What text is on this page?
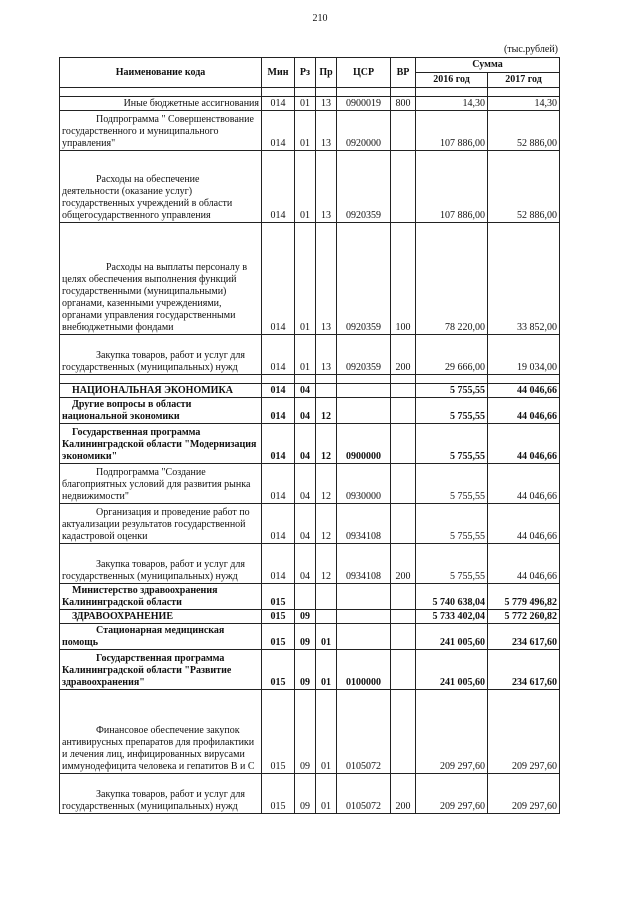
210
(тыс.рублей)
Наименование кода	Мин	Рз	Пр	ЦСР	ВР	Сумма	
						2016 год	2017 год

Иные бюджетные ассигнования	014	01	13	0900019	800	14,30	14,30
Подпрограмма " Совершенствование государственного и муниципального управления"	014	01	13	0920000		107 886,00	52 886,00
Расходы на обеспечение деятельности (оказание услуг) государственных учреждений в области общегосударственного управления	014	01	13	0920359		107 886,00	52 886,00
Расходы на выплаты персоналу в целях обеспечения выполнения функций государственными (муниципальными) органами, казенными учреждениями, органами управления государственными внебюджетными фондами	014	01	13	0920359	100	78 220,00	33 852,00
Закупка товаров, работ и услуг для государственных (муниципальных) нужд	014	01	13	0920359	200	29 666,00	19 034,00

НАЦИОНАЛЬНАЯ ЭКОНОМИКА	014	04				5 755,55	44 046,66
Другие вопросы в области национальной экономики	014	04	12			5 755,55	44 046,66
Государственная программа Калининградской области "Модернизация экономики"	014	04	12	0900000		5 755,55	44 046,66
Подпрограмма "Создание благоприятных условий для развития рынка недвижимости"	014	04	12	0930000		5 755,55	44 046,66
Организация и проведение работ по актуализации результатов государственной кадастровой оценки	014	04	12	0934108		5 755,55	44 046,66
Закупка товаров, работ и услуг для государственных (муниципальных) нужд	014	04	12	0934108	200	5 755,55	44 046,66
Министерство здравоохранения Калининградской области	015					5 740 638,04	5 779 496,82
ЗДРАВООХРАНЕНИЕ	015	09				5 733 402,04	5 772 260,82
Стационарная медицинская помощь	015	09	01			241 005,60	234 617,60
Государственная программа Калининградской области "Развитие здравоохранения"	015	09	01	0100000		241 005,60	234 617,60
Финансовое обеспечение закупок антивирусных препаратов для профилактики и лечения лиц, инфицированных вирусами иммунодефицита человека и гепатитов В и С	015	09	01	0105072		209 297,60	209 297,60
Закупка товаров, работ и услуг для государственных (муниципальных) нужд	015	09	01	0105072	200	209 297,60	209 297,60
